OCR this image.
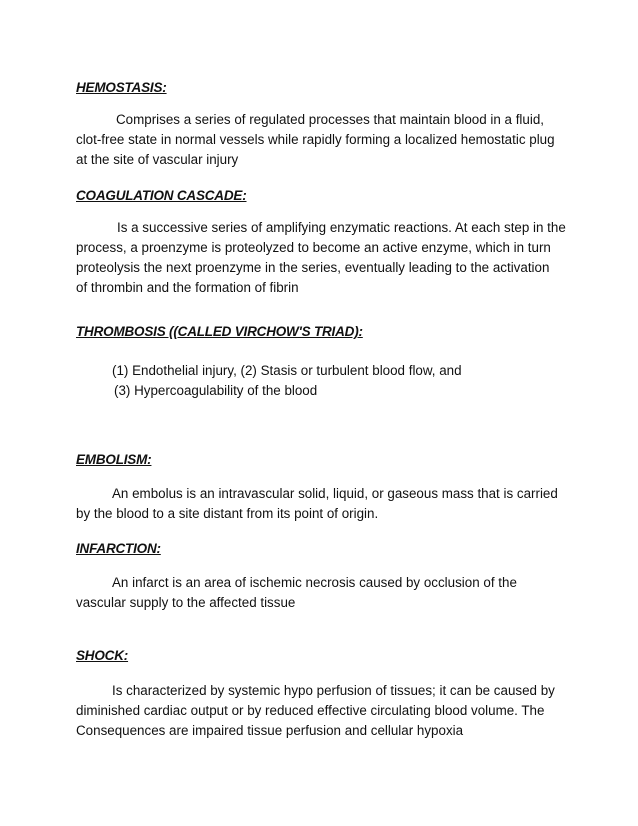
HEMOSTASIS:
Comprises a series of regulated processes that maintain blood in a fluid,
clot-free state in normal vessels while rapidly forming a localized hemostatic plug
at the site of vascular injury
COAGULATION CASCADE:
Is a successive series of amplifying enzymatic reactions. At each step in the
process, a proenzyme is proteolyzed to become an active enzyme, which in turn
proteolysis the next proenzyme in the series, eventually leading to the activation
of thrombin and the formation of fibrin
THROMBOSIS ((CALLED VIRCHOW'S TRIAD):
(1) Endothelial injury, (2) Stasis or turbulent blood flow, and
(3) Hypercoagulability of the blood
EMBOLISM:
An embolus is an intravascular solid, liquid, or gaseous mass that is carried
by the blood to a site distant from its point of origin.
INFARCTION:
An infarct is an area of ischemic necrosis caused by occlusion of the
vascular supply to the affected tissue
SHOCK:
Is characterized by systemic hypo perfusion of tissues; it can be caused by
diminished cardiac output or by reduced effective circulating blood volume. The
Consequences are impaired tissue perfusion and cellular hypoxia
